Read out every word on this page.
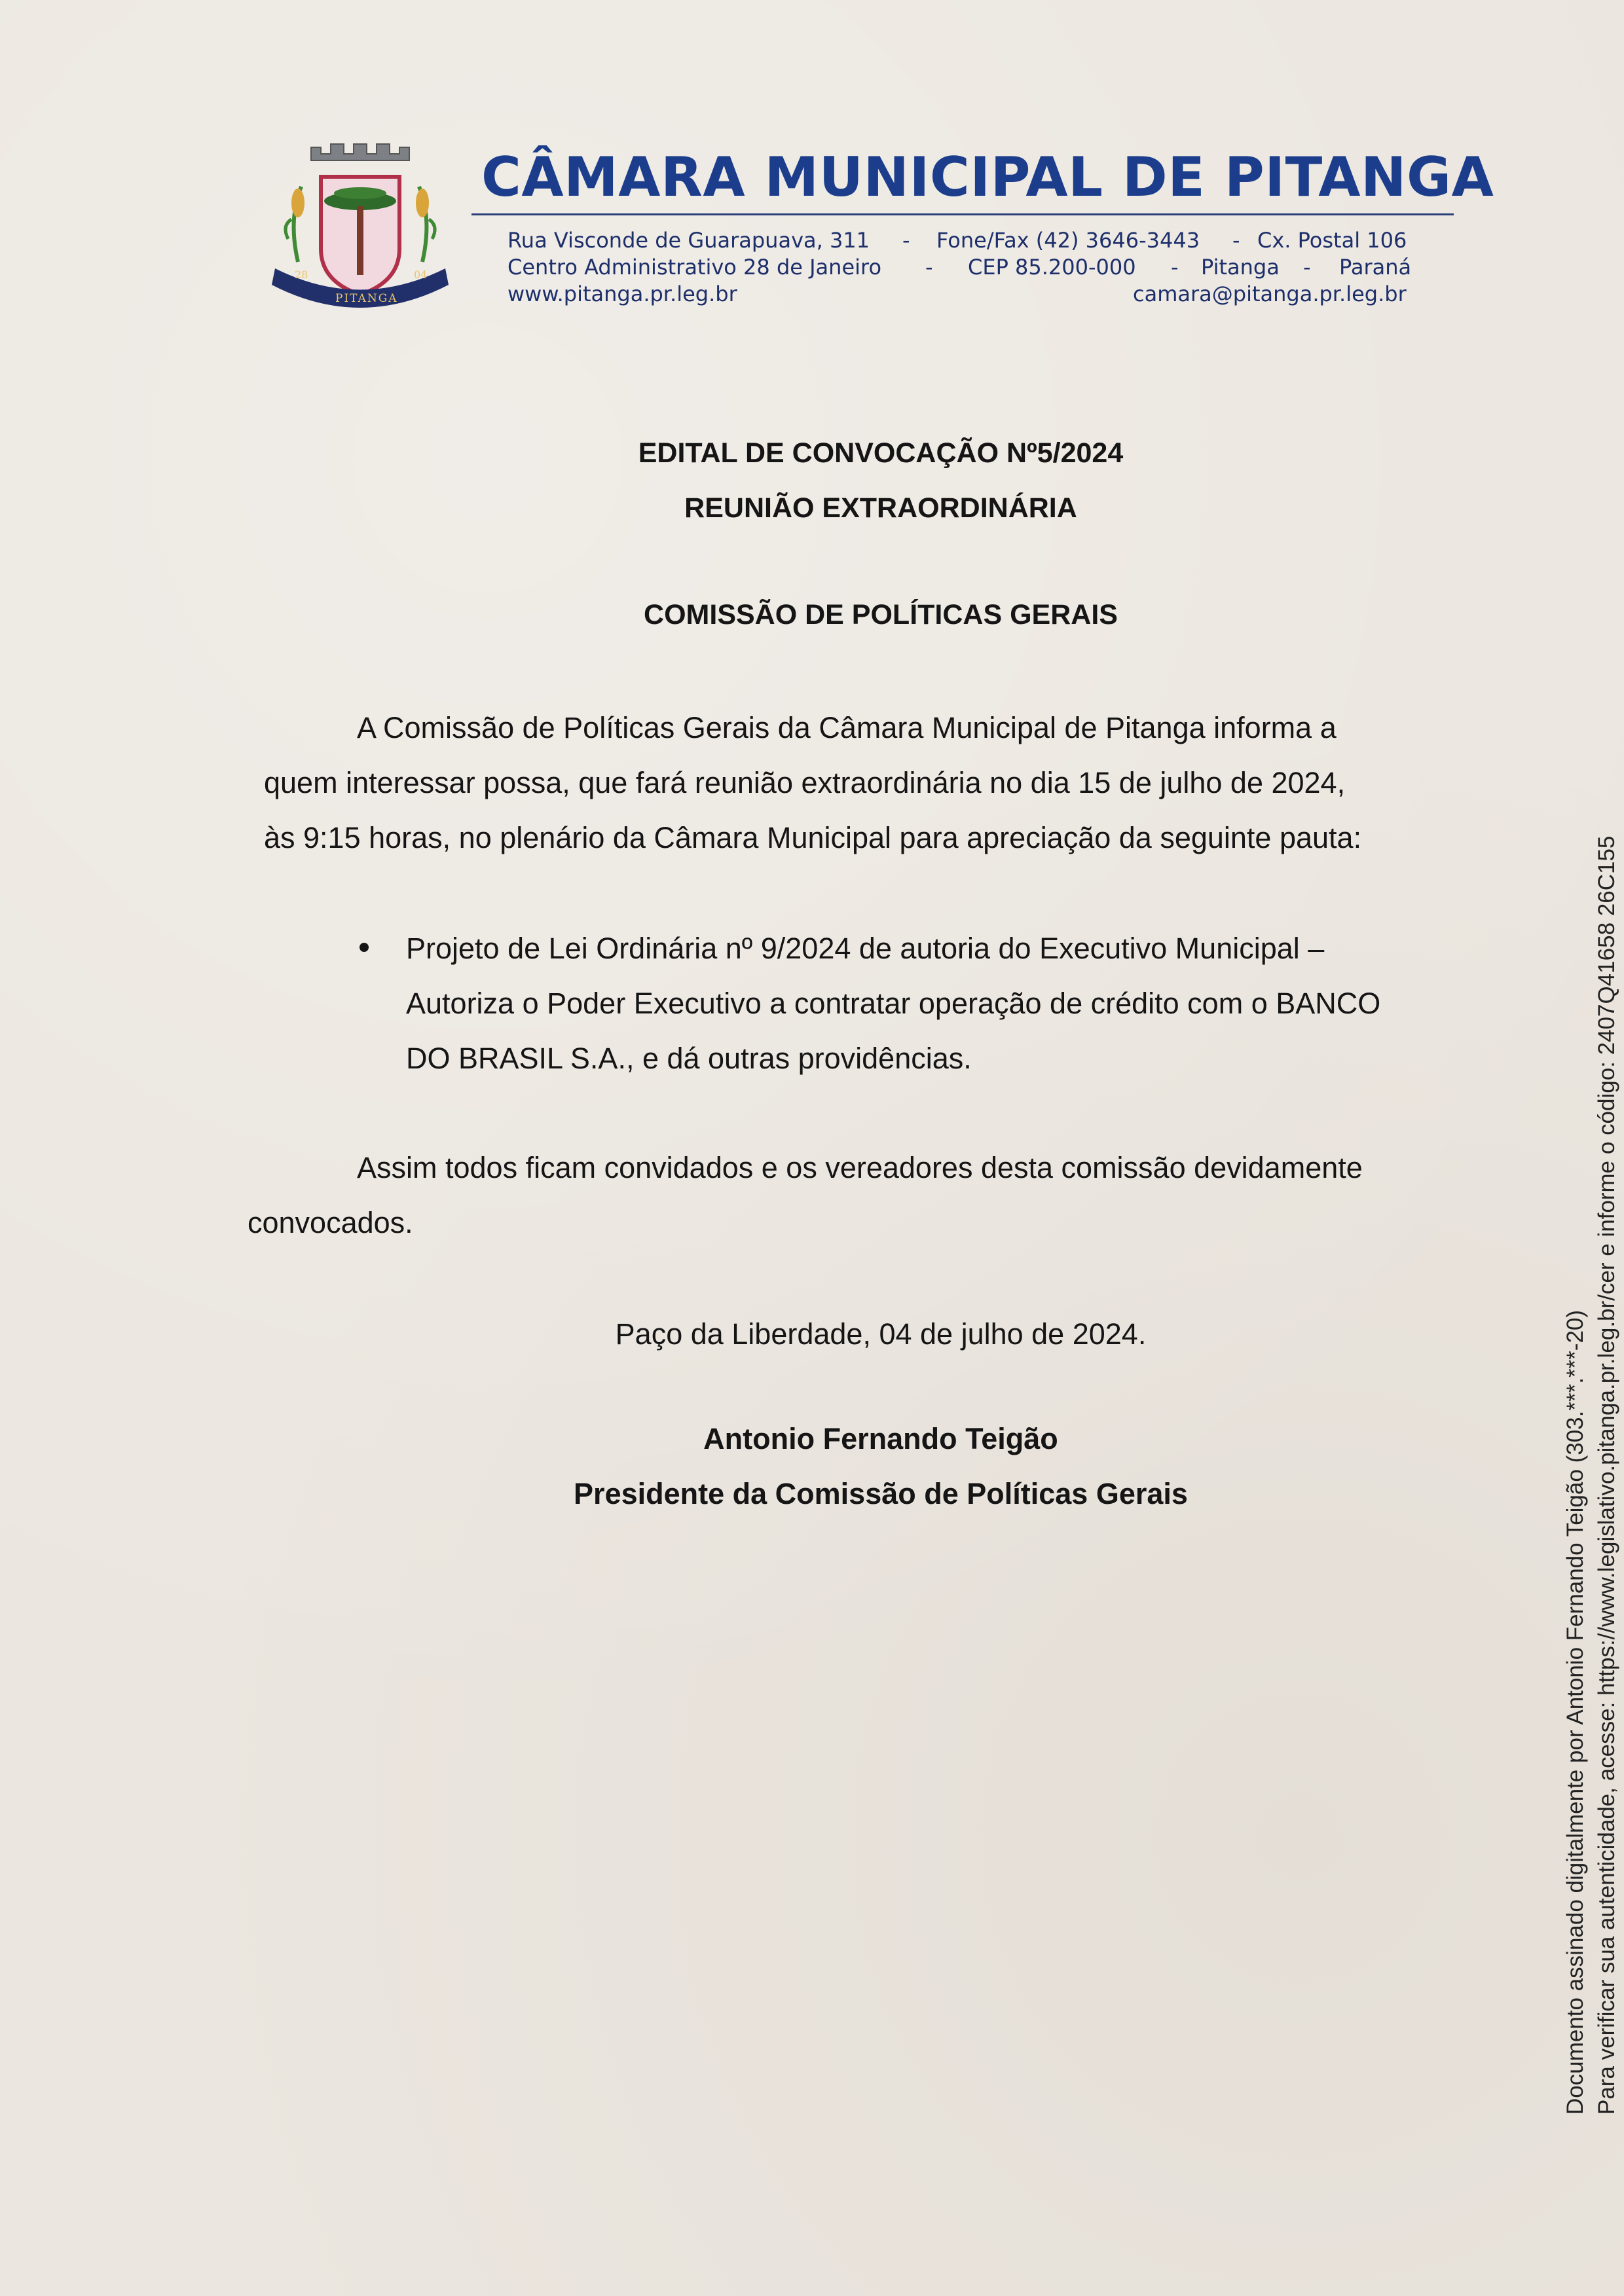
28	04
PITANGA
CÂMARA MUNICIPAL DE PITANGA
Rua Visconde de Guarapuava, 311 - Fone/Fax (42) 3646-3443 - Cx. Postal 106
Centro Administrativo 28 de Janeiro - CEP 85.200-000 - Pitanga - Paraná
www.pitanga.pr.leg.br	camara@pitanga.pr.leg.br
EDITAL DE CONVOCAÇÃO Nº5/2024
REUNIÃO EXTRAORDINÁRIA
COMISSÃO DE POLÍTICAS GERAIS
A Comissão de Políticas Gerais da Câmara Municipal de Pitanga informa a
quem interessar possa, que fará reunião extraordinária no dia 15 de julho de 2024,
às 9:15 horas, no plenário da Câmara Municipal para apreciação da seguinte pauta:
Projeto de Lei Ordinária nº 9/2024 de autoria do Executivo Municipal –
Autoriza o Poder Executivo a contratar operação de crédito com o BANCO
DO BRASIL S.A., e dá outras providências.
Assim todos ficam convidados e os vereadores desta comissão devidamente
convocados.
Paço da Liberdade, 04 de julho de 2024.
Antonio Fernando Teigão
Presidente da Comissão de Políticas Gerais	Documento assinado digitalmente por Antonio Fernando Teigão (303.***.***-20) Para verificar sua autenticidade, acesse: https://www.legislativo.pitanga.pr.leg.br/cer e informe o código: 2407Q41658 26C155
